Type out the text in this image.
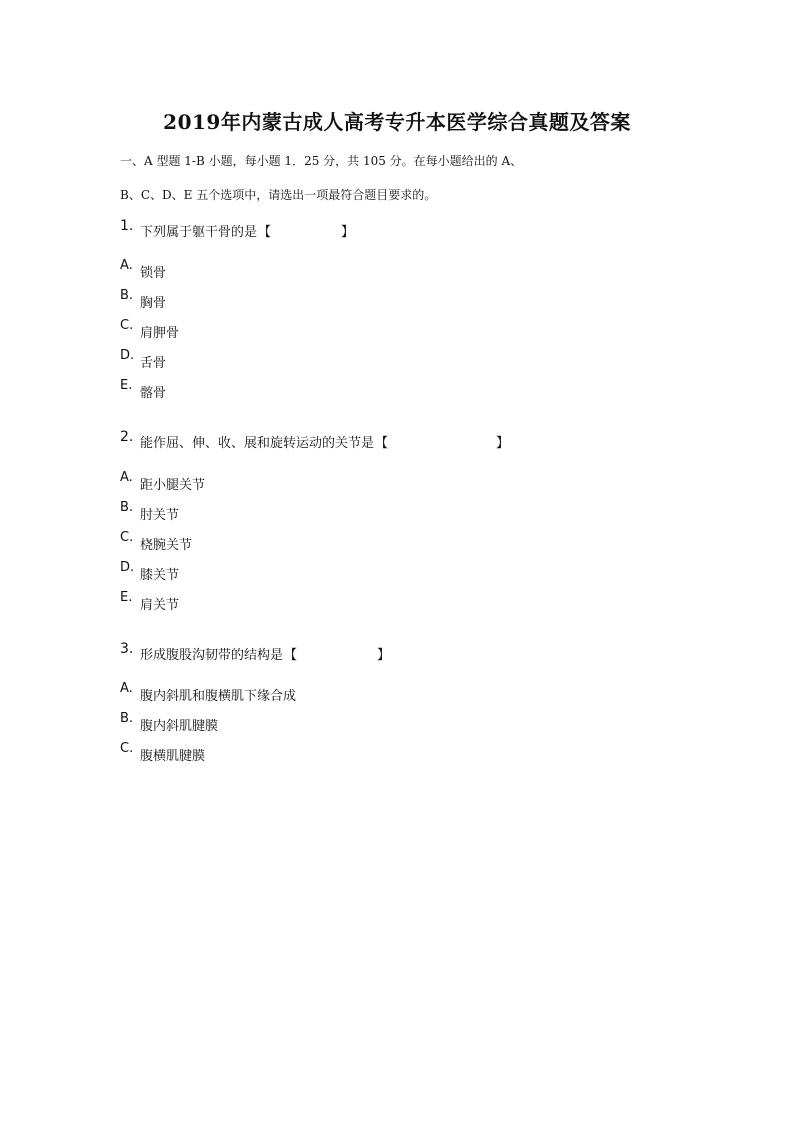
2019年内蒙古成人高考专升本医学综合真题及答案
一、A 型题 1-B 小题，每小题 1．25 分，共 105 分。在每小题给出的 A、
B、C、D、E 五个选项中，请选出一项最符合题目要求的。
1. 下列属于躯干骨的是【	】
A.
锁骨
B.
胸骨
C.
肩胛骨
D.
舌骨
E.
髂骨
2. 能作屈、伸、收、展和旋转运动的关节是【	】
A.
距小腿关节
B.
肘关节
C.
桡腕关节
D.
膝关节
E.
肩关节
3. 形成腹股沟韧带的结构是【	】
A.
腹内斜肌和腹横肌下缘合成
B.
腹内斜肌腱膜
C.
腹横肌腱膜
